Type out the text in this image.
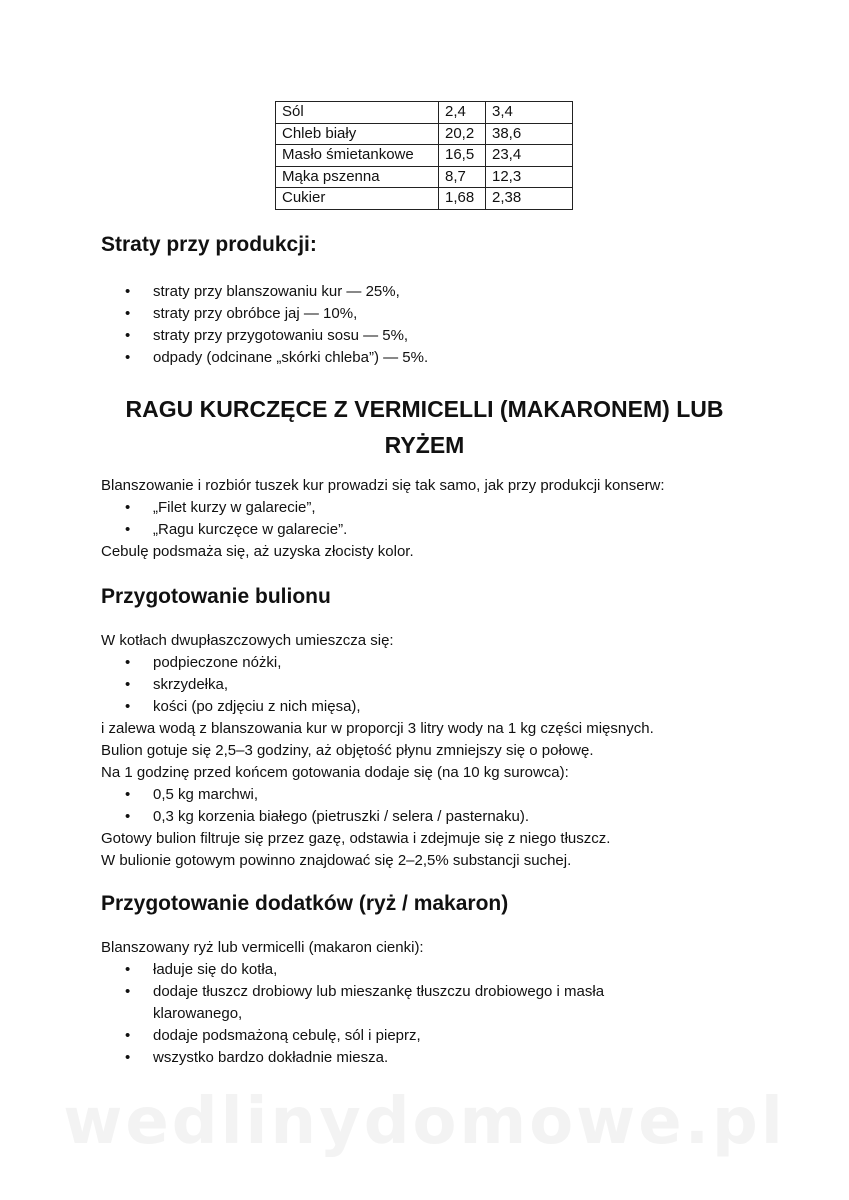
Sól	2,4	3,4
Chleb biały	20,2	38,6
Masło śmietankowe	16,5	23,4
Mąka pszenna	8,7	12,3
Cukier	1,68	2,38
Straty przy produkcji:
• straty przy blanszowaniu kur — 25%,
• straty przy obróbce jaj — 10%,
• straty przy przygotowaniu sosu — 5%,
• odpady (odcinane „skórki chleba”) — 5%.
RAGU KURCZĘCE Z VERMICELLI (MAKARONEM) LUB
RYŻEM
Blanszowanie i rozbiór tuszek kur prowadzi się tak samo, jak przy produkcji konserw:
• „Filet kurzy w galarecie”,
• „Ragu kurczęce w galarecie”.
Cebulę podsmaża się, aż uzyska złocisty kolor.
Przygotowanie bulionu
W kotłach dwupłaszczowych umieszcza się:
• podpieczone nóżki,
• skrzydełka,
• kości (po zdjęciu z nich mięsa),
i zalewa wodą z blanszowania kur w proporcji 3 litry wody na 1 kg części mięsnych.
Bulion gotuje się 2,5–3 godziny, aż objętość płynu zmniejszy się o połowę.
Na 1 godzinę przed końcem gotowania dodaje się (na 10 kg surowca):
• 0,5 kg marchwi,
• 0,3 kg korzenia białego (pietruszki / selera / pasternaku).
Gotowy bulion filtruje się przez gazę, odstawia i zdejmuje się z niego tłuszcz.
W bulionie gotowym powinno znajdować się 2–2,5% substancji suchej.
Przygotowanie dodatków (ryż / makaron)
Blanszowany ryż lub vermicelli (makaron cienki):
• ładuje się do kotła,
• dodaje tłuszcz drobiowy lub mieszankę tłuszczu drobiowego i masła klarowanego,
• dodaje podsmażoną cebulę, sól i pieprz,
• wszystko bardzo dokładnie miesza.
wedlinydomowe.pl
